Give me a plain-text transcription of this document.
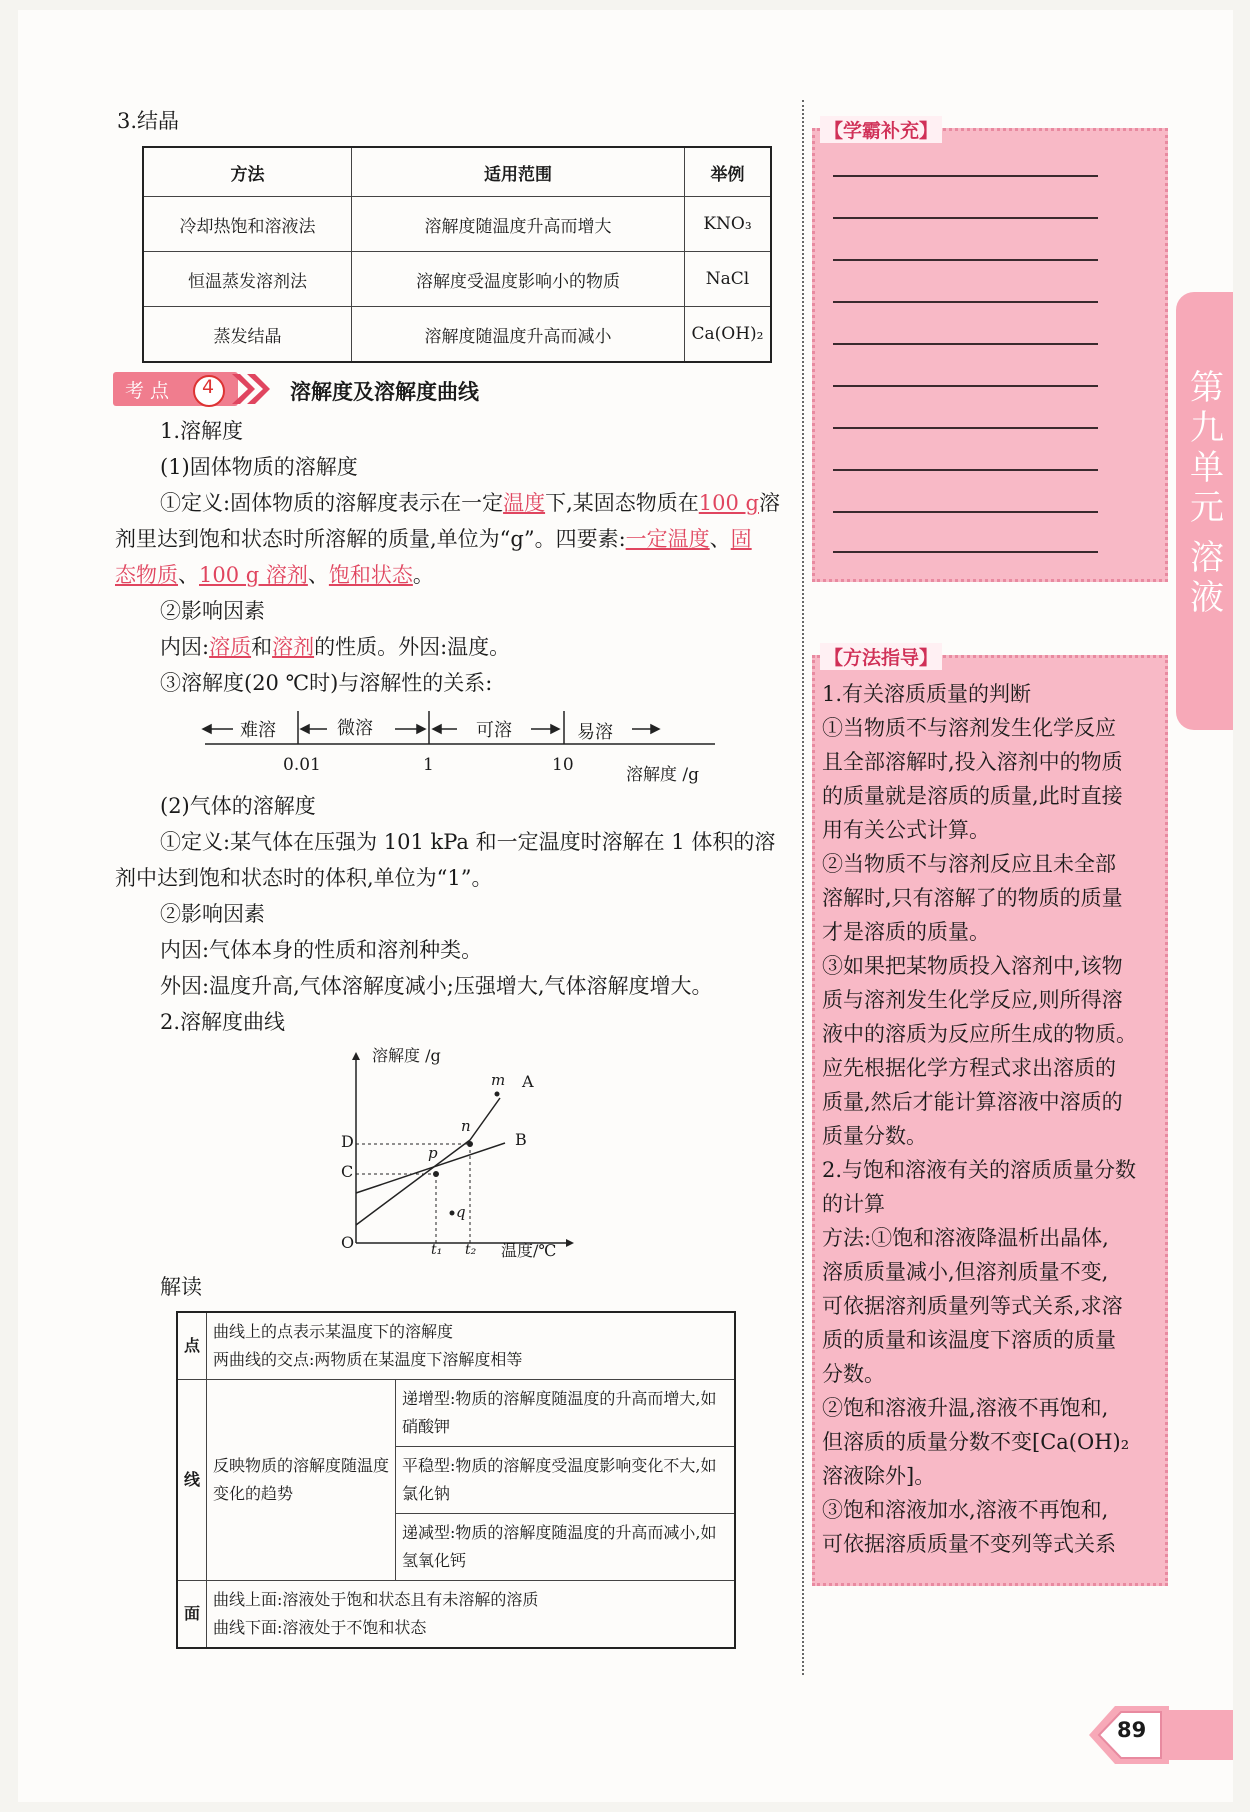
3.结晶
方法	适用范围	举例
冷却热饱和溶液法	溶解度随温度升高而增大	KNO₃
恒温蒸发溶剂法	溶解度受温度影响小的物质	NaCl
蒸发结晶	溶解度随温度升高而减小	Ca(OH)₂
考 点 4	溶解度及溶解度曲线
1.溶解度
(1)固体物质的溶解度
①定义:固体物质的溶解度表示在一定温度下,某固态物质在100 g溶
剂里达到饱和状态时所溶解的质量,单位为“g”。四要素:一定温度、固
态物质、100 g 溶剂、饱和状态。
②影响因素
内因:溶质和溶剂的性质。外因:温度。
③溶解度(20 ℃时)与溶解性的关系:
难溶	微溶	可溶	易溶
0.01	1	10	溶解度 /g
(2)气体的溶解度
①定义:某气体在压强为 101 kPa 和一定温度时溶解在 1 体积的溶
剂中达到饱和状态时的体积,单位为“1”。
②影响因素
内因:气体本身的性质和溶剂种类。
外因:温度升高,气体溶解度减小;压强增大,气体溶解度增大。
2.溶解度曲线
溶解度 /g
温度/℃
O
A
B
C
D
m
n
p
q
t₁ t₂
解读
点	曲线上的点表示某温度下的溶解度
两曲线的交点:两物质在某温度下溶解度相等	

线	反映物质的溶解度随温度变化的趋势	递增型:物质的溶解度随温度的升高而增大,如硝酸钾
		平稳型:物质的溶解度受温度影响变化不大,如氯化钠
		递减型:物质的溶解度随温度的升高而减小,如氢氧化钙
面	曲线上面:溶液处于饱和状态且有未溶解的溶质
曲线下面:溶液处于不饱和状态	
【学霸补充】
【方法指导】
1.有关溶质质量的判断
①当物质不与溶剂发生化学反应
且全部溶解时,投入溶剂中的物质
的质量就是溶质的质量,此时直接
用有关公式计算。
②当物质不与溶剂反应且未全部
溶解时,只有溶解了的物质的质量
才是溶质的质量。
③如果把某物质投入溶剂中,该物
质与溶剂发生化学反应,则所得溶
液中的溶质为反应所生成的物质。
应先根据化学方程式求出溶质的
质量,然后才能计算溶液中溶质的
质量分数。
2.与饱和溶液有关的溶质质量分数
的计算
方法:①饱和溶液降温析出晶体,
溶质质量减小,但溶剂质量不变,
可依据溶剂质量列等式关系,求溶
质的质量和该温度下溶质的质量
分数。
②饱和溶液升温,溶液不再饱和,
但溶质的质量分数不变[Ca(OH)₂
溶液除外]。
③饱和溶液加水,溶液不再饱和,
可依据溶质质量不变列等式关系
第
九
单
元
溶
液
89
